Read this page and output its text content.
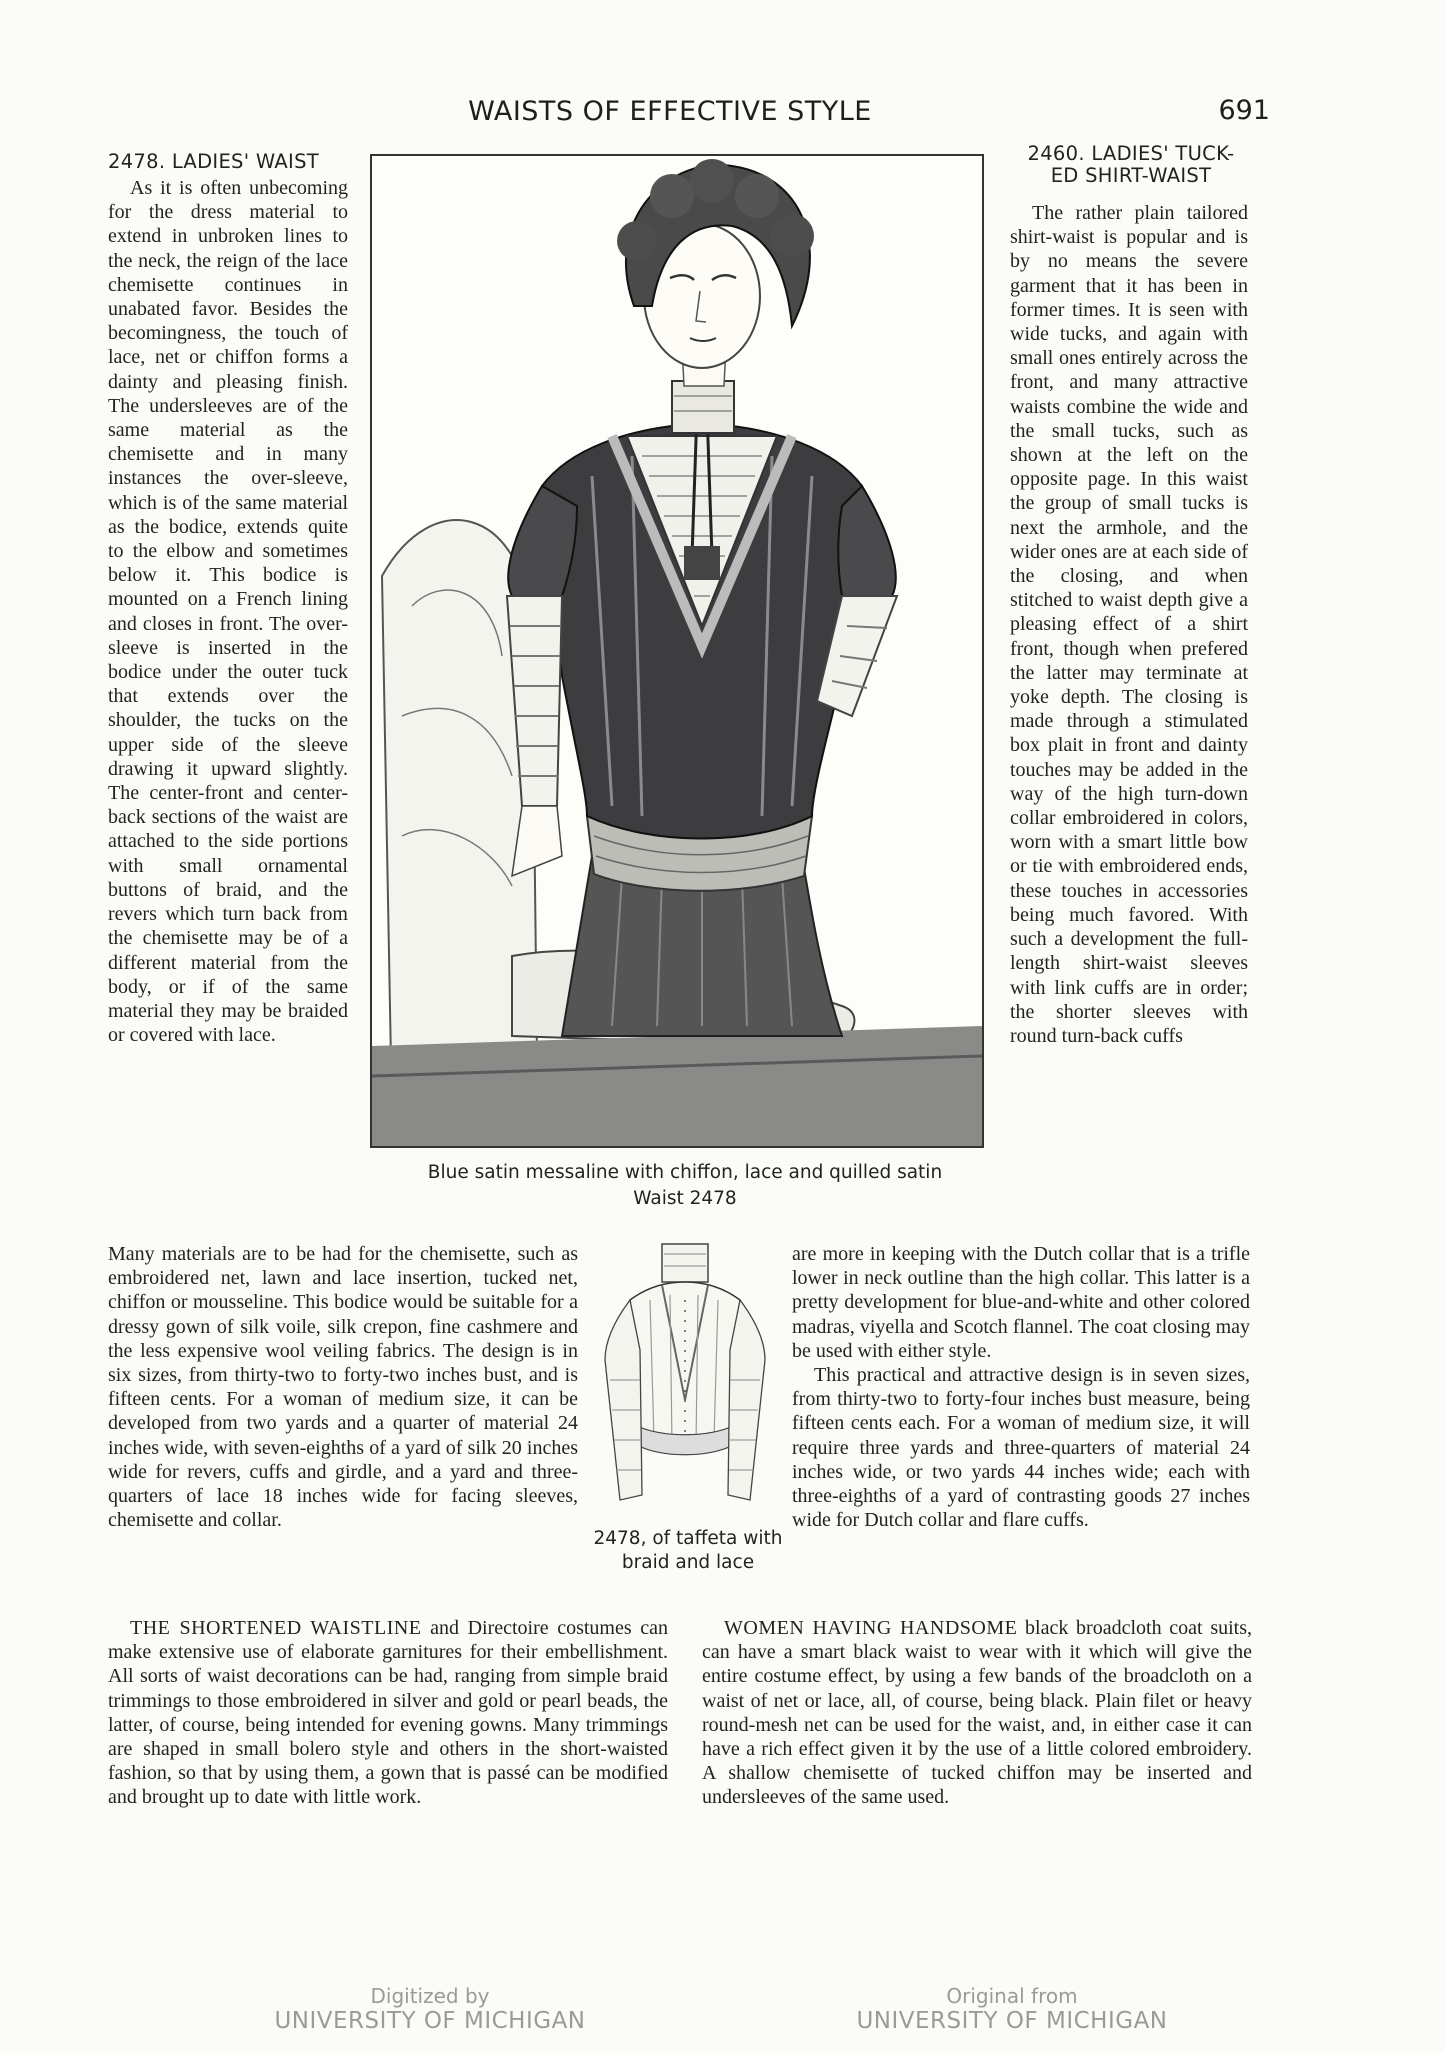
WAISTS OF EFFECTIVE STYLE	691
2478. LADIES' WAIST

As it is often unbecoming for the dress material to extend in unbroken lines to the neck, the reign of the lace chemisette continues in unabated favor. Besides the becomingness, the touch of lace, net or chiffon forms a dainty and pleasing finish. The undersleeves are of the same material as the chemisette and in many instances the over-sleeve, which is of the same material as the bodice, extends quite to the elbow and sometimes below it. This bodice is mounted on a French lining and closes in front. The over-sleeve is inserted in the bodice under the outer tuck that extends over the shoulder, the tucks on the upper side of the sleeve drawing it upward slightly. The center-front and center-back sections of the waist are attached to the side portions with small ornamental buttons of braid, and the revers which turn back from the chemisette may be of a different material from the body, or if of the same material they may be braided or covered with lace.

Blue satin messaline with chiffon, lace and quilled satin
Waist 2478
2460. LADIES' TUCK-
ED SHIRT-WAIST

The rather plain tailored shirt-waist is popular and is by no means the severe garment that it has been in former times. It is seen with wide tucks, and again with small ones entirely across the front, and many attractive waists combine the wide and the small tucks, such as shown at the left on the opposite page. In this waist the group of small tucks is next the armhole, and the wider ones are at each side of the closing, and when stitched to waist depth give a pleasing effect of a shirt front, though when prefered the latter may terminate at yoke depth. The closing is made through a stimulated box plait in front and dainty touches may be added in the way of the high turn-down collar embroidered in colors, worn with a smart little bow or tie with embroidered ends, these touches in accessories being much favored. With such a development the full-length shirt-waist sleeves with link cuffs are in order; the shorter sleeves with round turn-back cuffs

Many materials are to be had for the chemisette, such as embroidered net, lawn and lace insertion, tucked net, chiffon or mousseline. This bodice would be suitable for a dressy gown of silk voile, silk crepon, fine cashmere and the less expensive wool veiling fabrics. The design is in six sizes, from thirty-two to forty-two inches bust, and is fifteen cents. For a woman of medium size, it can be developed from two yards and a quarter of material 24 inches wide, with seven-eighths of a yard of silk 20 inches wide for revers, cuffs and girdle, and a yard and three-quarters of lace 18 inches wide for facing sleeves, chemisette and collar.

2478, of taffeta with
braid and lace

are more in keeping with the Dutch collar that is a trifle lower in neck outline than the high collar. This latter is a pretty development for blue-and-white and other colored madras, viyella and Scotch flannel. The coat closing may be used with either style.

This practical and attractive design is in seven sizes, from thirty-two to forty-four inches bust measure, being fifteen cents each. For a woman of medium size, it will require three yards and three-quarters of material 24 inches wide, or two yards 44 inches wide; each with three-eighths of a yard of contrasting goods 27 inches wide for Dutch collar and flare cuffs.

THE SHORTENED WAISTLINE and Directoire costumes can make extensive use of elaborate garnitures for their embellishment. All sorts of waist decorations can be had, ranging from simple braid trimmings to those embroidered in silver and gold or pearl beads, the latter, of course, being intended for evening gowns. Many trimmings are shaped in small bolero style and others in the short-waisted fashion, so that by using them, a gown that is passé can be modified and brought up to date with little work.

WOMEN HAVING HANDSOME black broadcloth coat suits, can have a smart black waist to wear with it which will give the entire costume effect, by using a few bands of the broadcloth on a waist of net or lace, all, of course, being black. Plain filet or heavy round-mesh net can be used for the waist, and, in either case it can have a rich effect given it by the use of a little colored embroidery. A shallow chemisette of tucked chiffon may be inserted and undersleeves of the same used.

Digitized by
UNIVERSITY OF MICHIGAN
Original from
UNIVERSITY OF MICHIGAN
